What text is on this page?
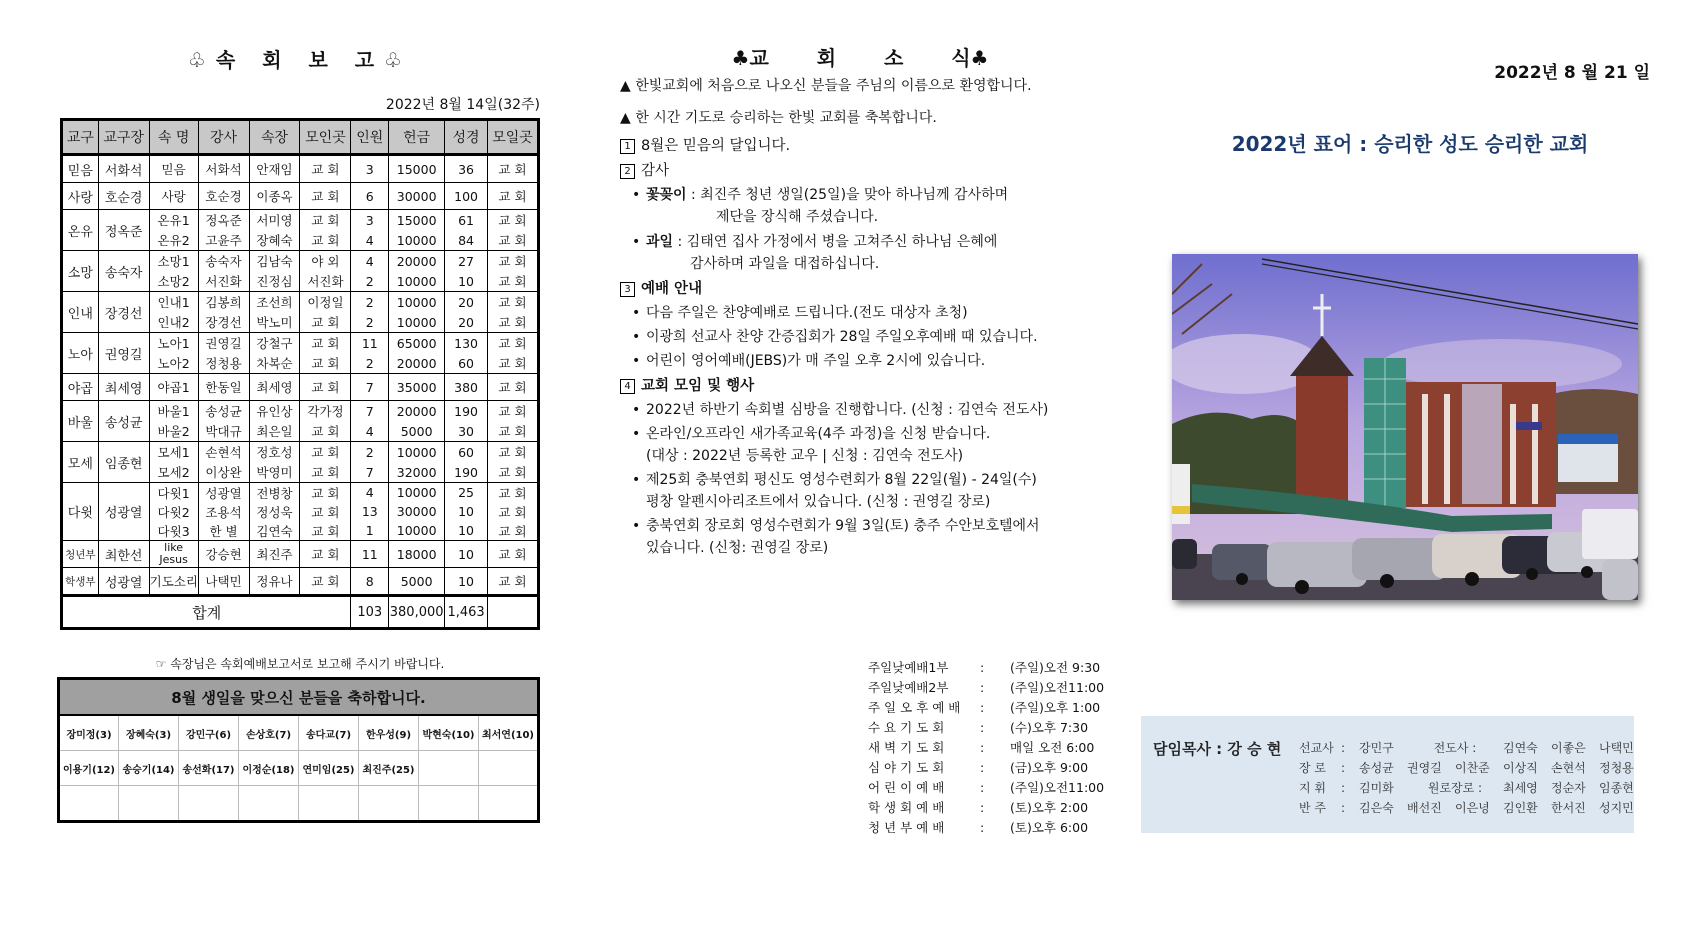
♧속 회 보 고♧
2022년 8월 14일(32주)
교구	교구장	속 명	강사	속장	모인곳	인원	헌금	성경	모일곳
믿음	서화석	믿음	서화석	안재임	교 회	3	15000	36	교 회
사랑	호순경	사랑	호순경	이종옥	교 회	6	30000	100	교 회
온유	정옥준	온유1	정옥준	서미영	교 회	3	15000	61	교 회
		온유2	고윤주	장혜숙	교 회	4	10000	84	교 회
소망	송숙자	소망1	송숙자	김남숙	야 외	4	20000	27	교 회
		소망2	서진화	진정심	서진화	2	10000	10	교 회
인내	장경선	인내1	김봉희	조선희	이정일	2	10000	20	교 회
		인내2	장경선	박노미	교 회	2	10000	20	교 회
노아	권영길	노아1	권영길	강철구	교 회	11	65000	130	교 회
		노아2	정청용	차복순	교 회	2	20000	60	교 회
야곱	최세영	야곱1	한동일	최세영	교 회	7	35000	380	교 회
바울	송성균	바울1	송성균	유인상	각가정	7	20000	190	교 회
		바울2	박대규	최은일	교 회	4	5000	30	교 회
모세	임종현	모세1	손현석	정호성	교 회	2	10000	60	교 회
		모세2	이상완	박영미	교 회	7	32000	190	교 회
다윗	성광열	다윗1	성광열	전병창	교 회	4	10000	25	교 회
		다윗2	조용석	정성욱	교 회	13	30000	10	교 회
		다윗3	한 별	김연숙	교 회	1	10000	10	교 회
청년부	최한선	like Jesus	강승현	최진주	교 회	11	18000	10	교 회
학생부	성광열	기도소리	나택민	정유나	교 회	8	5000	10	교 회
합계						103	380,000	1,463	
☞ 속장님은 속회예배보고서로 보고해 주시기 바랍니다.
8월 생일을 맞으신 분들을 축하합니다.							
장미정(3)	장혜숙(3)	강민구(6)	손상호(7)	송다교(7)	한우성(9)	박현숙(10)	최서연(10)
이용기(12)	송승기(14)	송선화(17)	이정순(18)	연미임(25)	최진주(25)		

♣교 회 소 식♣
▲ 한빛교회에 처음으로 나오신 분들을 주님의 이름으로 환영합니다.
▲ 한 시간 기도로 승리하는 한빛 교회를 축복합니다.
1 8월은 믿음의 달입니다.
2 감사
• 꽃꽂이 : 최진주 청년 생일(25일)을 맞아 하나님께 감사하며
제단을 장식해 주셨습니다.
• 과일 : 김태연 집사 가정에서 병을 고쳐주신 하나님 은혜에
감사하며 과일을 대접하십니다.
3 예배 안내
• 다음 주일은 찬양예배로 드립니다.(전도 대상자 초청)
• 이광희 선교사 찬양 간증집회가 28일 주일오후예배 때 있습니다.
• 어린이 영어예배(JEBS)가 매 주일 오후 2시에 있습니다.
4 교회 모임 및 행사
• 2022년 하반기 속회별 심방을 진행합니다. (신청 : 김연숙 전도사)
• 온라인/오프라인 새가족교육(4주 과정)을 신청 받습니다.
(대상 : 2022년 등록한 교우 | 신청 : 김연숙 전도사)
• 제25회 충북연회 평신도 영성수련회가 8월 22일(월) - 24일(수)
평창 알펜시아리조트에서 있습니다. (신청 : 권영길 장로)
• 충북연회 장로회 영성수련회가 9월 3일(토) 충주 수안보호텔에서
있습니다. (신청: 권영길 장로)
주일낮예배1부	: (주일)오전 9:30
주일낮예배2부	: (주일)오전11:00
주 일 오 후 예 배 : (주일)오후 1:00
수 요 기 도 회	: (수)오후 7:30
새 벽 기 도 회	: 매일 오전 6:00
심 야 기 도 회	: (금)오후 9:00
어 린 이 예 배	: (주일)오전11:00
학 생 회 예 배	: (토)오후 2:00
청 년 부 예 배	: (토)오후 6:00
2022년 8 월 21 일
2022년 표어 : 승리한 성도 승리한 교회
담임목사 : 강 승 현 선교사 : 강민구	전도사 : 김연숙 이좋은 나택민
장 로 : 송성균 권영길 이찬준 이상직 손현석 정청용
지 휘 : 김미화	원로장로 : 최세영 정순자 임종현
반 주 : 김은숙 배선진 이은녕 김인환 한서진 성지민
